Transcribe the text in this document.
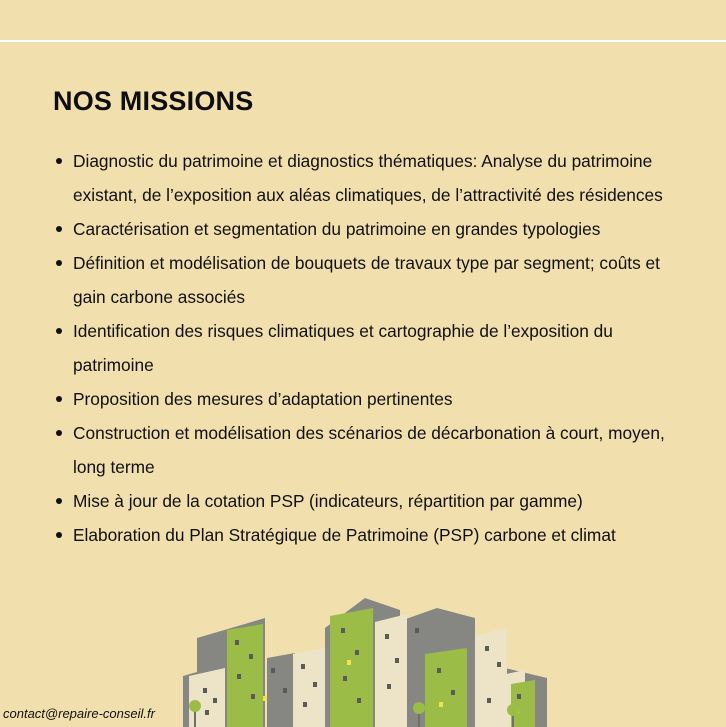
NOS MISSIONS
Diagnostic du patrimoine et diagnostics thématiques: Analyse du patrimoine existant, de l’exposition aux aléas climatiques, de l’attractivité des résidences
Caractérisation et segmentation du patrimoine en grandes typologies
Définition et modélisation de bouquets de travaux type par segment; coûts et gain carbone associés
Identification des risques climatiques et cartographie de l’exposition du patrimoine
Proposition des mesures d’adaptation pertinentes
Construction et modélisation des scénarios de décarbonation à court, moyen, long terme
Mise à jour de la cotation PSP (indicateurs, répartition par gamme)
Elaboration du Plan Stratégique de Patrimoine (PSP) carbone et climat
contact@repaire-conseil.fr
